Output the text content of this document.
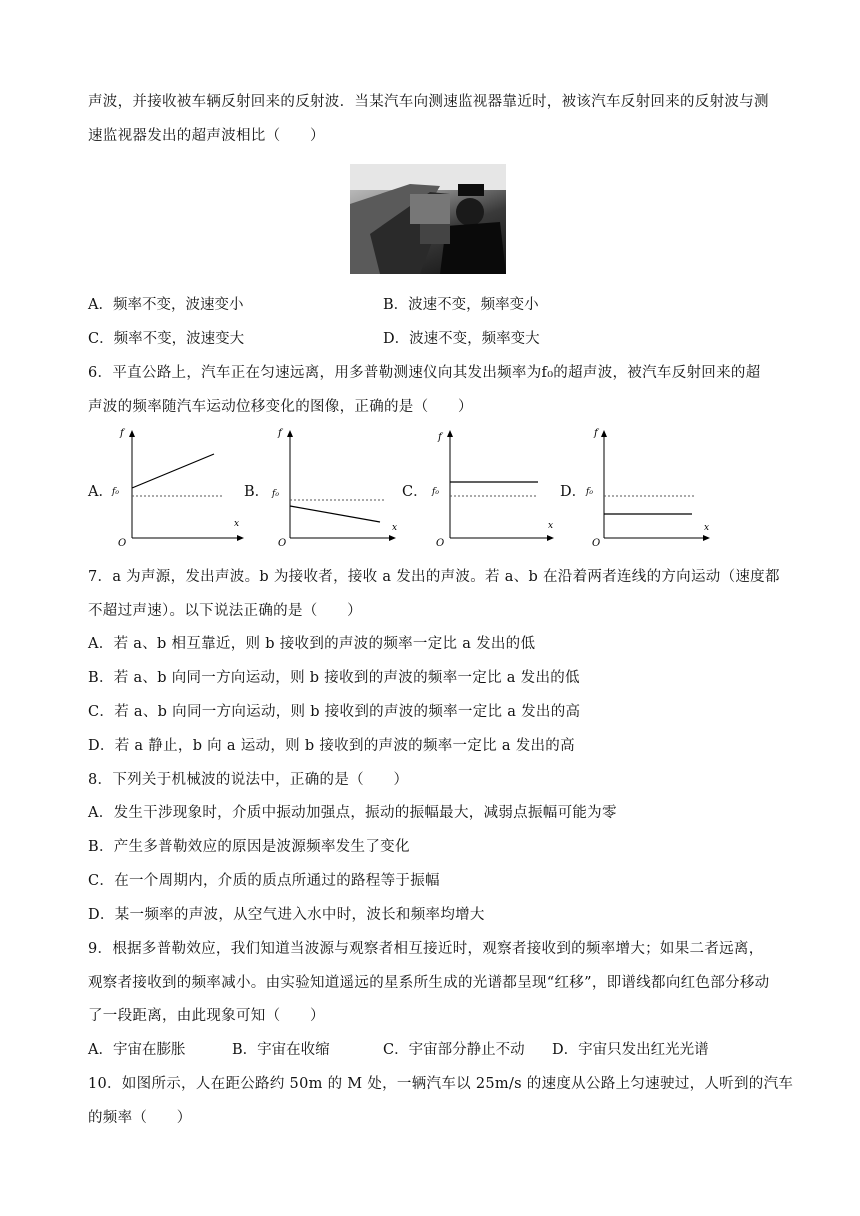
声波，并接收被车辆反射回来的反射波．当某汽车向测速监视器靠近时，被该汽车反射回来的反射波与测
速监视器发出的超声波相比（　　）
A．频率不变，波速变小	B．波速不变，频率变小
C．频率不变，波速变大	D．波速不变，频率变大
6．平直公路上，汽车正在匀速远离，用多普勒测速仪向其发出频率为f₀的超声波，被汽车反射回来的超
声波的频率随汽车运动位移变化的图像，正确的是（　　）
A．
f
x
O
f₀	B．
f
x
O
f₀	C．
f
x
O
f₀	D．
f
x
O
f₀
7．a 为声源，发出声波。b 为接收者，接收 a 发出的声波。若 a、b 在沿着两者连线的方向运动（速度都
不超过声速）。以下说法正确的是（　　）
A．若 a、b 相互靠近，则 b 接收到的声波的频率一定比 a 发出的低
B．若 a、b 向同一方向运动，则 b 接收到的声波的频率一定比 a 发出的低
C．若 a、b 向同一方向运动，则 b 接收到的声波的频率一定比 a 发出的高
D．若 a 静止，b 向 a 运动，则 b 接收到的声波的频率一定比 a 发出的高
8．下列关于机械波的说法中，正确的是（　　）
A．发生干涉现象时，介质中振动加强点，振动的振幅最大，减弱点振幅可能为零
B．产生多普勒效应的原因是波源频率发生了变化
C．在一个周期内，介质的质点所通过的路程等于振幅
D．某一频率的声波，从空气进入水中时，波长和频率均增大
9．根据多普勒效应，我们知道当波源与观察者相互接近时，观察者接收到的频率增大；如果二者远离，
观察者接收到的频率减小。由实验知道遥远的星系所生成的光谱都呈现“红移”，即谱线都向红色部分移动
了一段距离，由此现象可知（　　）
A．宇宙在膨胀	B．宇宙在收缩	C．宇宙部分静止不动 D．宇宙只发出红光光谱
10．如图所示，人在距公路约 50m 的 M 处，一辆汽车以 25m/s 的速度从公路上匀速驶过，人听到的汽车
的频率（　　）
